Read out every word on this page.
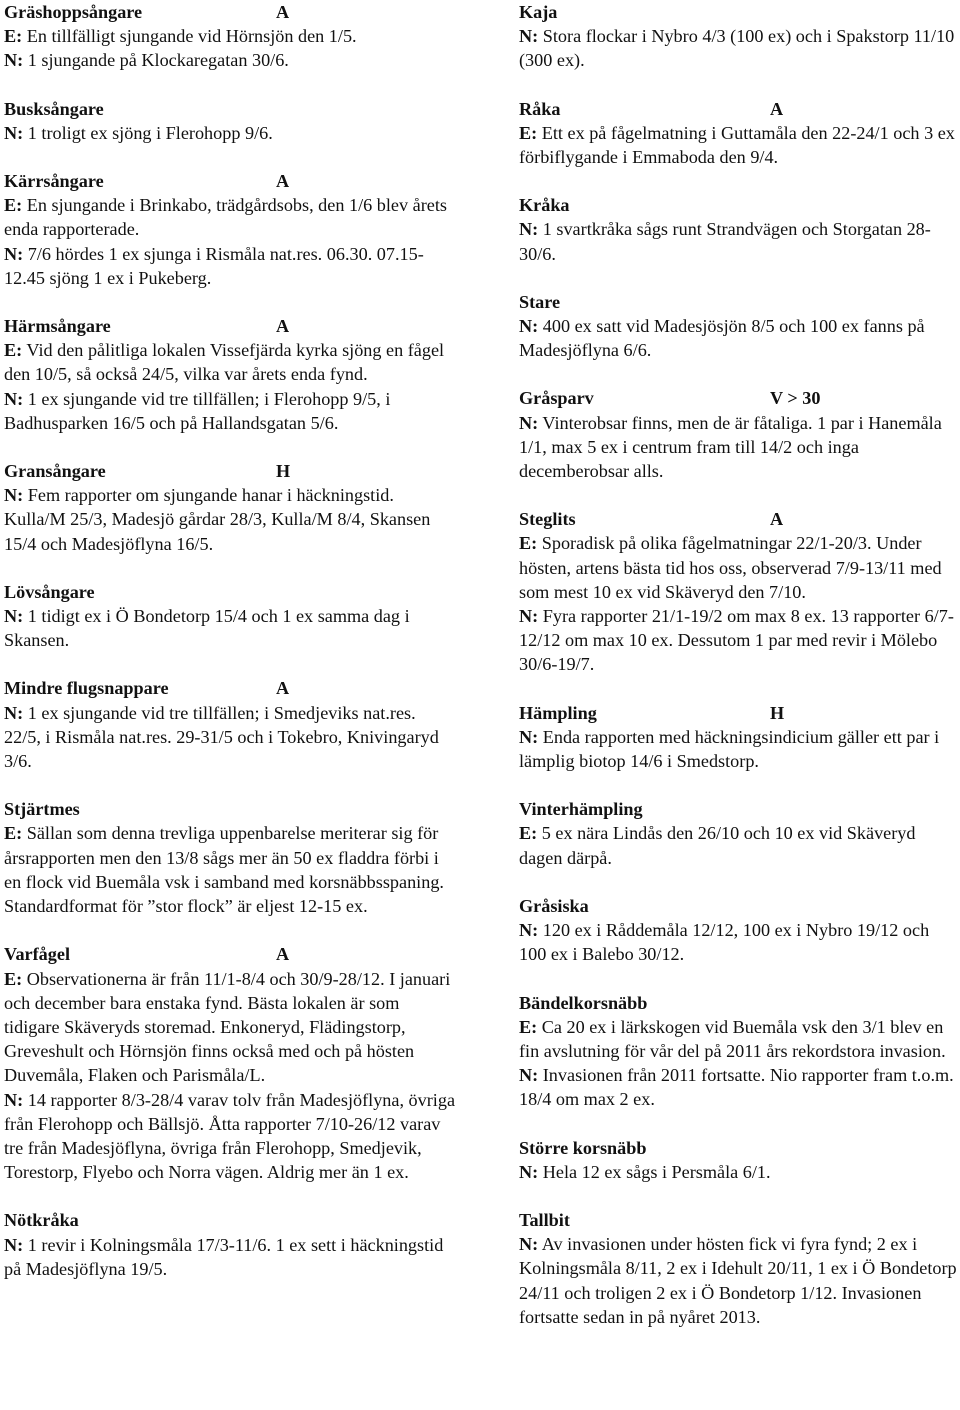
Gräshoppsångare	A

E: En tillfälligt sjungande vid Hörnsjön den 1/5.

N: 1 sjungande på Klockaregatan 30/6.

Busksångare

N: 1 troligt ex sjöng i Flerohopp 9/6.

Kärrsångare	A

E: En sjungande i Brinkabo, trädgårdsobs, den 1/6 blev årets enda rapporterade.

N: 7/6 hördes 1 ex sjunga i Rismåla nat.res. 06.30. 07.15-12.45 sjöng 1 ex i Pukeberg.

Härmsångare	A

E: Vid den pålitliga lokalen Vissefjärda kyrka sjöng en fågel den 10/5, så också 24/5, vilka var årets enda fynd.

N: 1 ex sjungande vid tre tillfällen; i Flerohopp 9/5, i Badhusparken 16/5 och på Hallandsgatan 5/6.

Gransångare	H

N: Fem rapporter om sjungande hanar i häckningstid. Kulla/M 25/3, Madesjö gårdar 28/3, Kulla/M 8/4, Skansen 15/4 och Madesjöflyna 16/5.

Lövsångare

N: 1 tidigt ex i Ö Bondetorp 15/4 och 1 ex samma dag i Skansen.

Mindre flugsnappare	A

N: 1 ex sjungande vid tre tillfällen; i Smedjeviks nat.res. 22/5, i Rismåla nat.res. 29-31/5 och i Tokebro, Knivingaryd 3/6.

Stjärtmes

E: Sällan som denna trevliga uppenbarelse meriterar sig för årsrapporten men den 13/8 sågs mer än 50 ex fladdra förbi i en flock vid Buemåla vsk i samband med korsnäbbsspaning.

Standardformat för ”stor flock” är eljest 12-15 ex.

Varfågel	A

E: Observationerna är från 11/1-8/4 och 30/9-28/12. I januari och december bara enstaka fynd. Bästa lokalen är som tidigare Skäveryds storemad. Enkoneryd, Flädingstorp, Greveshult och Hörnsjön finns också med och på hösten Duvemåla, Flaken och Parismåla/L.

N: 14 rapporter 8/3-28/4 varav tolv från Madesjöflyna, övriga från Flerohopp och Bällsjö. Åtta rapporter 7/10-26/12 varav tre från Madesjöflyna, övriga från Flerohopp, Smedjevik, Torestorp, Flyebo och Norra vägen. Aldrig mer än 1 ex.

Nötkråka

N: 1 revir i Kolningsmåla 17/3-11/6. 1 ex sett i häckningstid på Madesjöflyna 19/5.

Kaja

N: Stora flockar i Nybro 4/3 (100 ex) och i Spakstorp 11/10 (300 ex).

Råka	A

E: Ett ex på fågelmatning i Guttamåla den 22-24/1 och 3 ex förbiflygande i Emmaboda den 9/4.

Kråka

N: 1 svartkråka sågs runt Strandvägen och Storgatan 28-30/6.

Stare

N: 400 ex satt vid Madesjösjön 8/5 och 100 ex fanns på Madesjöflyna 6/6.

Gråsparv	V > 30

N: Vinterobsar finns, men de är fåtaliga. 1 par i Hanemåla 1/1, max 5 ex i centrum fram till 14/2 och inga decemberobsar alls.

Steglits	A

E: Sporadisk på olika fågelmatningar 22/1-20/3. Under hösten, artens bästa tid hos oss, observerad 7/9-13/11 med som mest 10 ex vid Skäveryd den 7/10.

N: Fyra rapporter 21/1-19/2 om max 8 ex. 13 rapporter 6/7-12/12 om max 10 ex. Dessutom 1 par med revir i Mölebo 30/6-19/7.

Hämpling	H

N: Enda rapporten med häckningsindicium gäller ett par i lämplig biotop 14/6 i Smedstorp.

Vinterhämpling

E: 5 ex nära Lindås den 26/10 och 10 ex vid Skäveryd dagen därpå.

Gråsiska

N: 120 ex i Råddemåla 12/12, 100 ex i Nybro 19/12 och 100 ex i Balebo 30/12.

Bändelkorsnäbb

E: Ca 20 ex i lärkskogen vid Buemåla vsk den 3/1 blev en fin avslutning för vår del på 2011 års rekordstora invasion.

N: Invasionen från 2011 fortsatte. Nio rapporter fram t.o.m. 18/4 om max 2 ex.

Större korsnäbb

N: Hela 12 ex sågs i Persmåla 6/1.

Tallbit

N: Av invasionen under hösten fick vi fyra fynd; 2 ex i Kolningsmåla 8/11, 2 ex i Idehult 20/11, 1 ex i Ö Bondetorp 24/11 och troligen 2 ex i Ö Bondetorp 1/12. Invasionen fortsatte sedan in på nyåret 2013.
